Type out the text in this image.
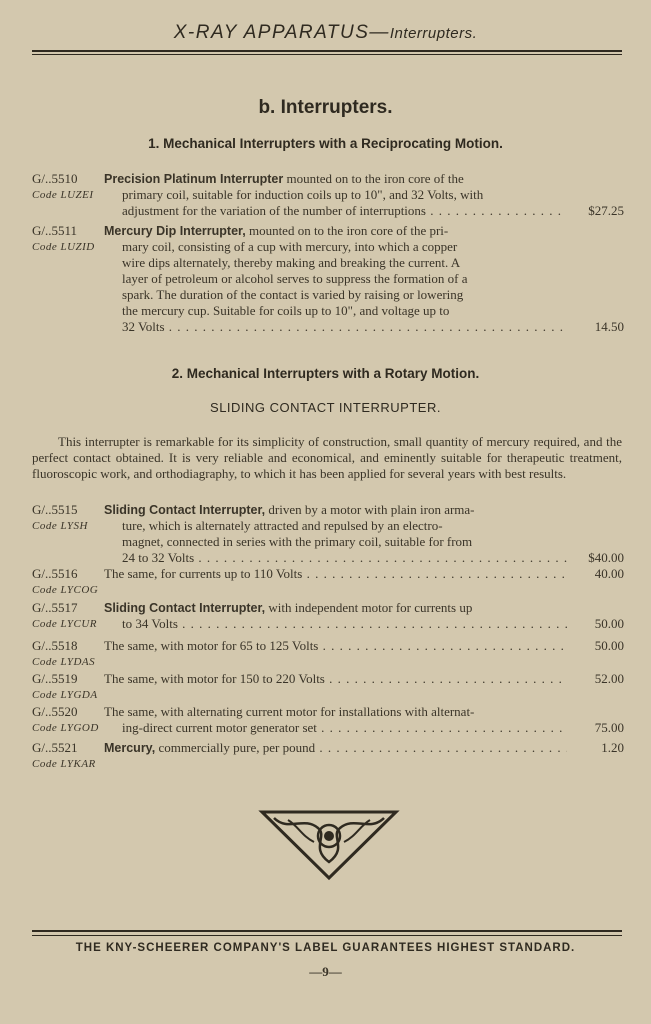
X-RAY APPARATUS—Interrupters.
b. Interrupters.
1. Mechanical Interrupters with a Reciprocating Motion.
G/..5510
Code LUZEI
Precision Platinum Interrupter mounted on to the iron core of the
primary coil, suitable for induction coils up to 10", and 32 Volts, with
adjustment for the variation of the number of interruptions . . .	$27.25
G/..5511
Code LUZID
Mercury Dip Interrupter, mounted on to the iron core of the pri-
mary coil, consisting of a cup with mercury, into which a copper
wire dips alternately, thereby making and breaking the current. A
layer of petroleum or alcohol serves to suppress the formation of a
spark. The duration of the contact is varied by raising or lowering
the mercury cup. Suitable for coils up to 10", and voltage up to
32 Volts . . .	14.50
2. Mechanical Interrupters with a Rotary Motion.
SLIDING CONTACT INTERRUPTER.
This interrupter is remarkable for its simplicity of construction, small quantity of mercury required, and the perfect contact obtained. It is very reliable and economical, and eminently suitable for therapeutic treatment, fluoroscopic work, and orthodiagraphy, to which it has been applied for several years with best results.
G/..5515
Code LYSH
Sliding Contact Interrupter, driven by a motor with plain iron arma-
ture, which is alternately attracted and repulsed by an electro-
magnet, connected in series with the primary coil, suitable for from
24 to 32 Volts . . .	$40.00
G/..5516
Code LYCOG
The same, for currents up to 110 Volts . . .	40.00
G/..5517
Code LYCUR
Sliding Contact Interrupter, with independent motor for currents up
to 34 Volts . . .	50.00
G/..5518
Code LYDAS
The same, with motor for 65 to 125 Volts . . .	50.00
G/..5519
Code LYGDA
The same, with motor for 150 to 220 Volts . . .	52.00
G/..5520
Code LYGOD
The same, with alternating current motor for installations with alternat-
ing-direct current motor generator set . . .	75.00
G/..5521
Code LYKAR
Mercury, commercially pure, per pound . . .	1.20
THE KNY-SCHEERER COMPANY'S LABEL GUARANTEES HIGHEST STANDARD.
—9—
